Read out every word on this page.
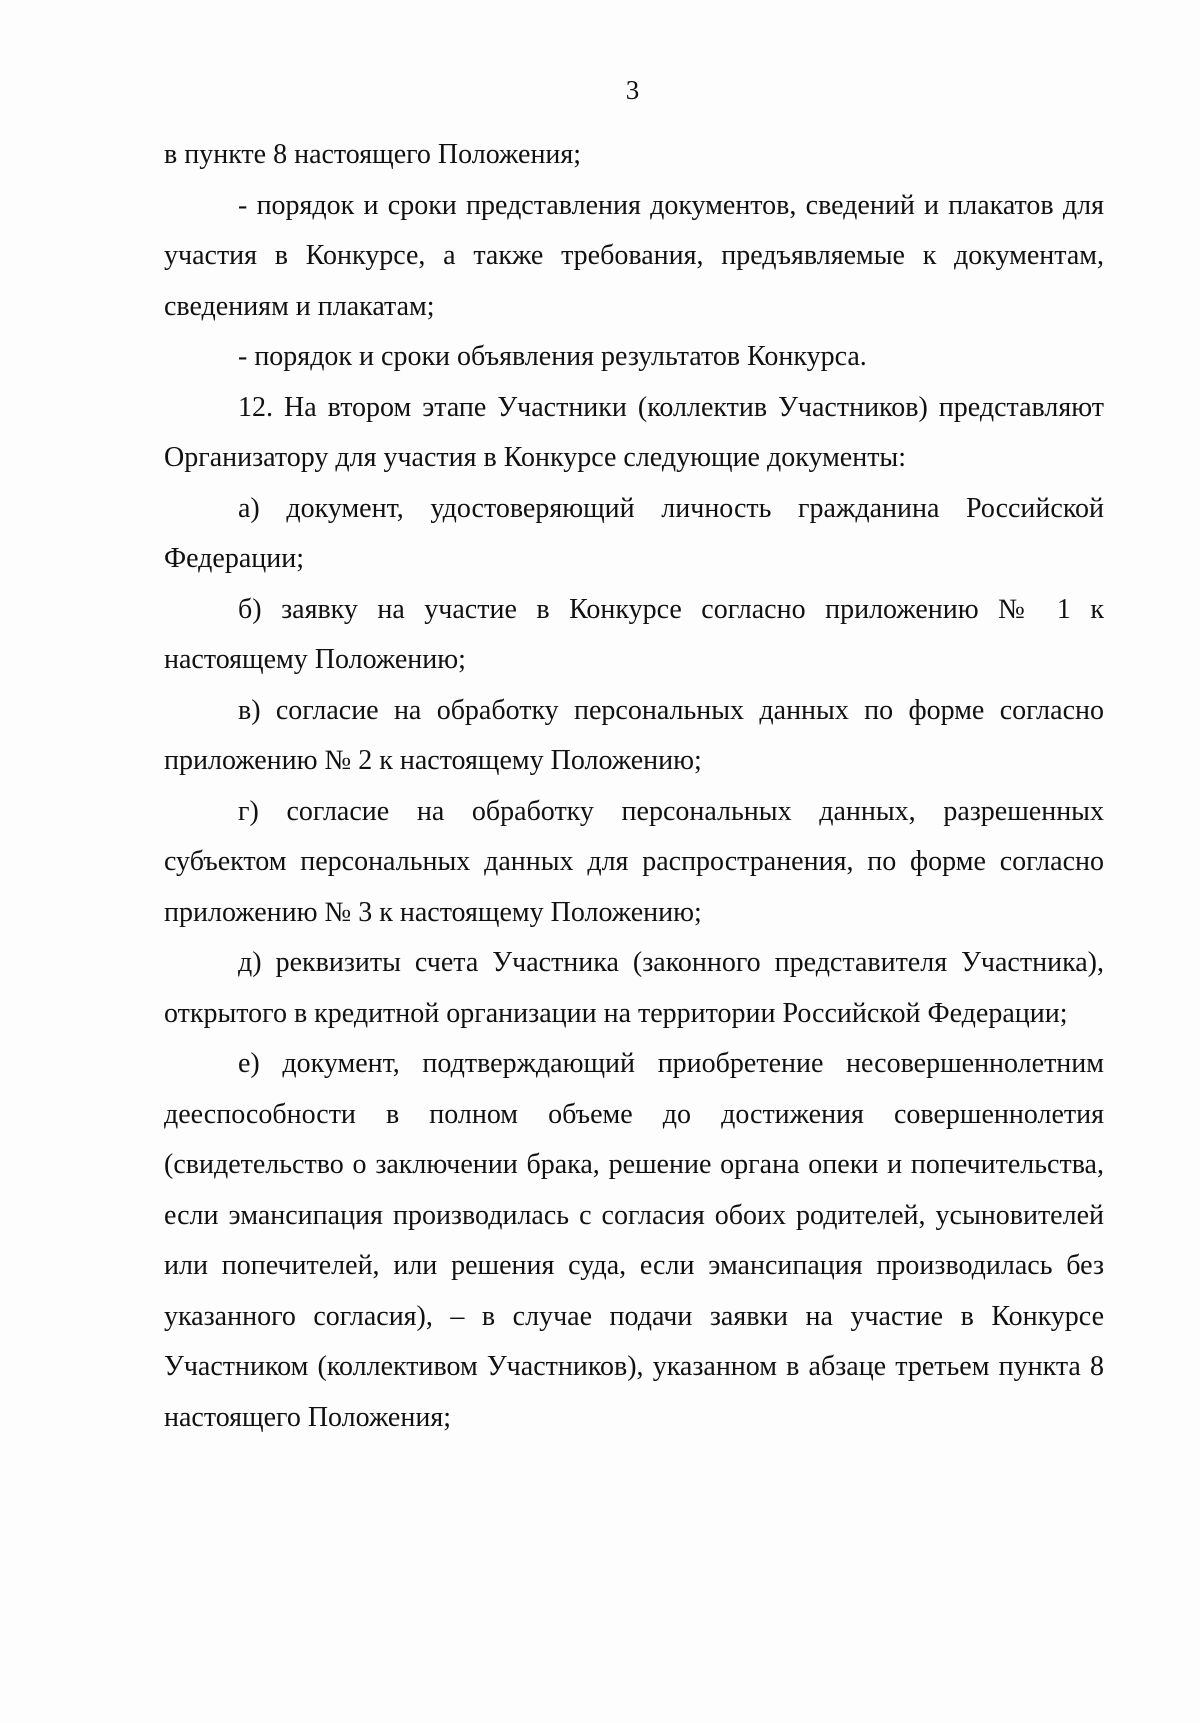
3

в пункте 8 настоящего Положения;

- порядок и сроки представления документов, сведений и плакатов для участия в Конкурсе, а также требования, предъявляемые к документам, сведениям и плакатам;

- порядок и сроки объявления результатов Конкурса.

12. На втором этапе Участники (коллектив Участников) представляют Организатору для участия в Конкурсе следующие документы:

а) документ, удостоверяющий личность гражданина Российской Федерации;

б) заявку на участие в Конкурсе согласно приложению № 1 к настоящему Положению;

в) согласие на обработку персональных данных по форме согласно приложению № 2 к настоящему Положению;

г) согласие на обработку персональных данных, разрешенных субъектом персональных данных для распространения, по форме согласно приложению № 3 к настоящему Положению;

д) реквизиты счета Участника (законного представителя Участника), открытого в кредитной организации на территории Российской Федерации;

е) документ, подтверждающий приобретение несовершеннолетним дееспособности в полном объеме до достижения совершеннолетия (свидетельство о заключении брака, решение органа опеки и попечительства, если эмансипация производилась с согласия обоих родителей, усыновителей или попечителей, или решения суда, если эмансипация производилась без указанного согласия), – в случае подачи заявки на участие в Конкурсе Участником (коллективом Участников), указанном в абзаце третьем пункта 8 настоящего Положения;
